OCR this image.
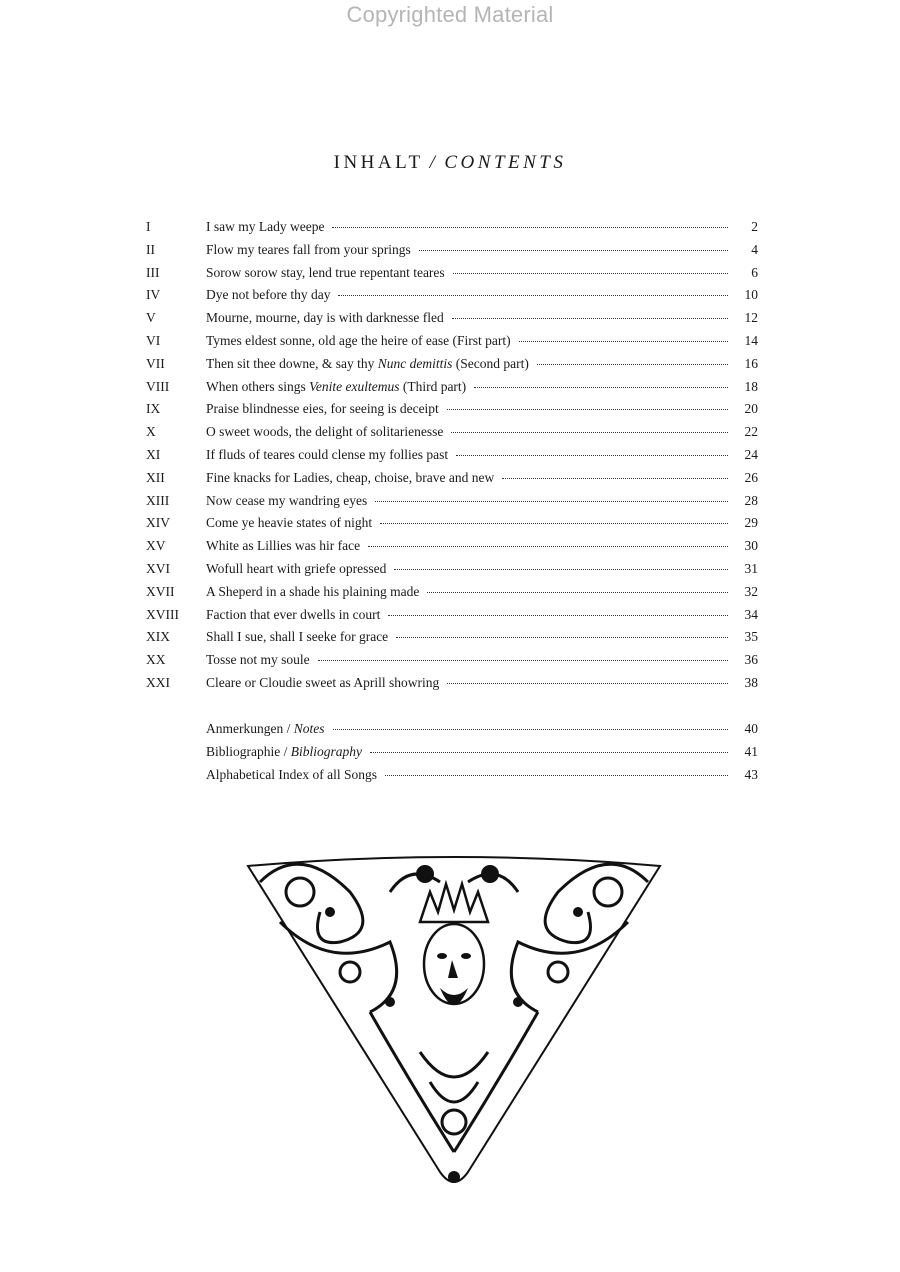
Copyrighted Material
INHALT / CONTENTS
I	I saw my Lady weepe	2
II	Flow my teares fall from your springs	4
III	Sorow sorow stay, lend true repentant teares	6
IV	Dye not before thy day	10
V	Mourne, mourne, day is with darknesse fled	12
VI	Tymes eldest sonne, old age the heire of ease (First part)	14
VII	Then sit thee downe, & say thy Nunc demittis (Second part)	16
VIII	When others sings Venite exultemus (Third part)	18
IX	Praise blindnesse eies, for seeing is deceipt	20
X	O sweet woods, the delight of solitarienesse	22
XI	If fluds of teares could clense my follies past	24
XII	Fine knacks for Ladies, cheap, choise, brave and new	26
XIII	Now cease my wandring eyes	28
XIV	Come ye heavie states of night	29
XV	White as Lillies was hir face	30
XVI	Wofull heart with griefe opressed	31
XVII	A Sheperd in a shade his plaining made	32
XVIII	Faction that ever dwells in court	34
XIX	Shall I sue, shall I seeke for grace	35
XX	Tosse not my soule	36
XXI	Cleare or Cloudie sweet as Aprill showring	38
Anmerkungen / Notes	40
Bibliographie / Bibliography	41
Alphabetical Index of all Songs	43
